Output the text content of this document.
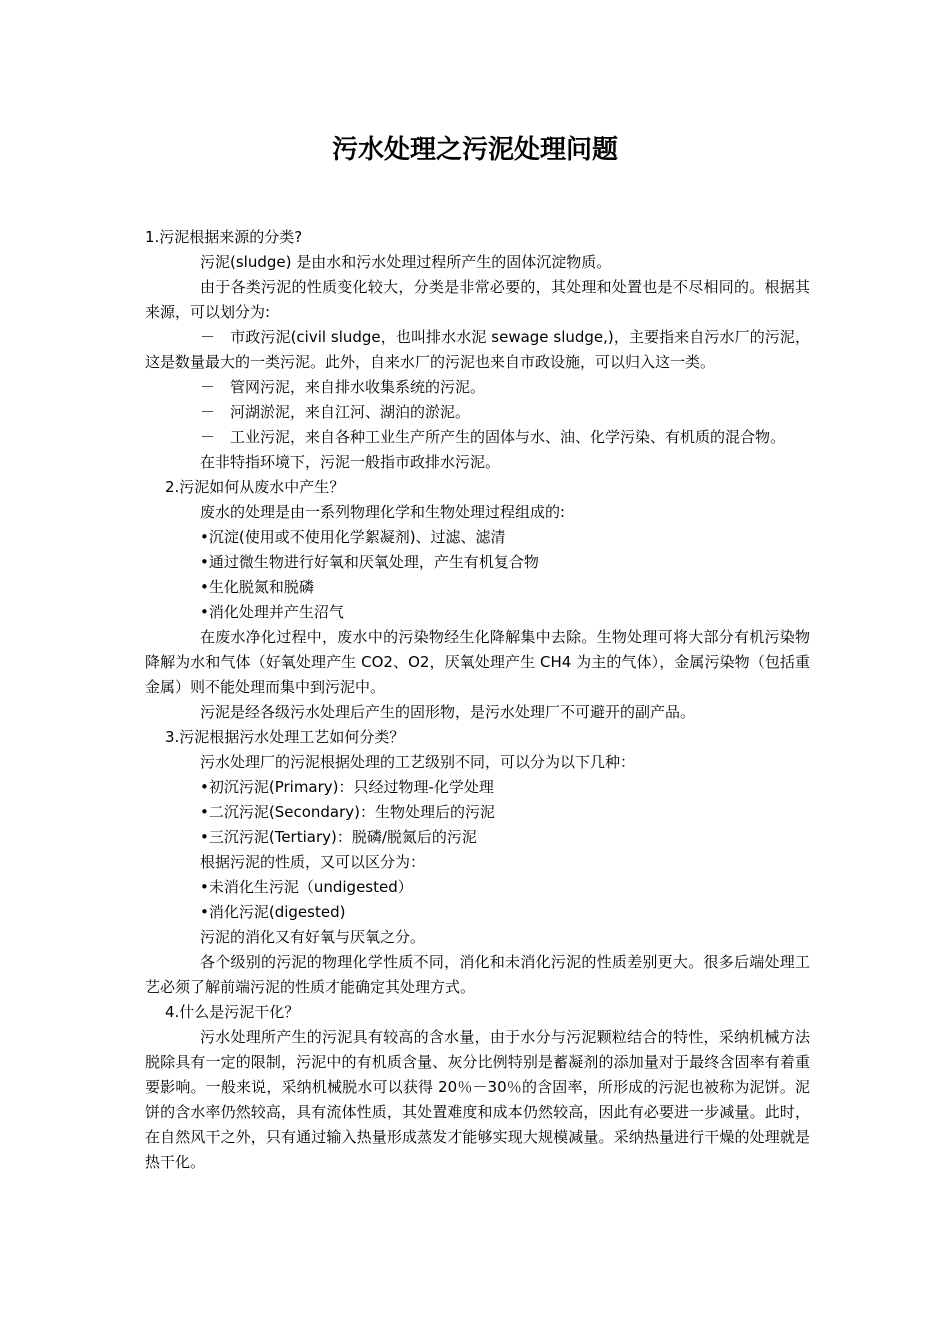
污水处理之污泥处理问题
1.污泥根据来源的分类?

污泥(sludge) 是由水和污水处理过程所产生的固体沉淀物质。

由于各类污泥的性质变化较大，分类是非常必要的，其处理和处置也是不尽相同的。根据其来源，可以划分为:

－　市政污泥(civil sludge，也叫排水水泥 sewage sludge,)，主要指来自污水厂的污泥，这是数量最大的一类污泥。此外，自来水厂的污泥也来自市政设施，可以归入这一类。

－　管网污泥，来自排水收集系统的污泥。

－　河湖淤泥，来自江河、湖泊的淤泥。

－　工业污泥，来自各种工业生产所产生的固体与水、油、化学污染、有机质的混合物。

在非特指环境下，污泥一般指市政排水污泥。

2.污泥如何从废水中产生？

废水的处理是由一系列物理化学和生物处理过程组成的:

•沉淀(使用或不使用化学絮凝剂)、过滤、滤清

•通过微生物进行好氧和厌氧处理，产生有机复合物

•生化脱氮和脱磷

•消化处理并产生沼气

在废水净化过程中，废水中的污染物经生化降解集中去除。生物处理可将大部分有机污染物降解为水和气体（好氧处理产生 CO2、O2，厌氧处理产生 CH4 为主的气体），金属污染物（包括重金属）则不能处理而集中到污泥中。

污泥是经各级污水处理后产生的固形物，是污水处理厂不可避开的副产品。

3.污泥根据污水处理工艺如何分类？

污水处理厂的污泥根据处理的工艺级别不同，可以分为以下几种：

•初沉污泥(Primary)：只经过物理-化学处理

•二沉污泥(Secondary)：生物处理后的污泥

•三沉污泥(Tertiary)：脱磷/脱氮后的污泥

根据污泥的性质，又可以区分为：

•未消化生污泥（undigested）

•消化污泥(digested)

污泥的消化又有好氧与厌氧之分。

各个级别的污泥的物理化学性质不同，消化和未消化污泥的性质差别更大。很多后端处理工艺必须了解前端污泥的性质才能确定其处理方式。

4.什么是污泥干化？

污水处理所产生的污泥具有较高的含水量，由于水分与污泥颗粒结合的特性，采纳机械方法脱除具有一定的限制，污泥中的有机质含量、灰分比例特别是蓄凝剂的添加量对于最终含固率有着重要影响。一般来说，采纳机械脱水可以获得 20％－30％的含固率，所形成的污泥也被称为泥饼。泥饼的含水率仍然较高，具有流体性质，其处置难度和成本仍然较高，因此有必要进一步减量。此时，在自然风干之外，只有通过输入热量形成蒸发才能够实现大规模减量。采纳热量进行干燥的处理就是热干化。
